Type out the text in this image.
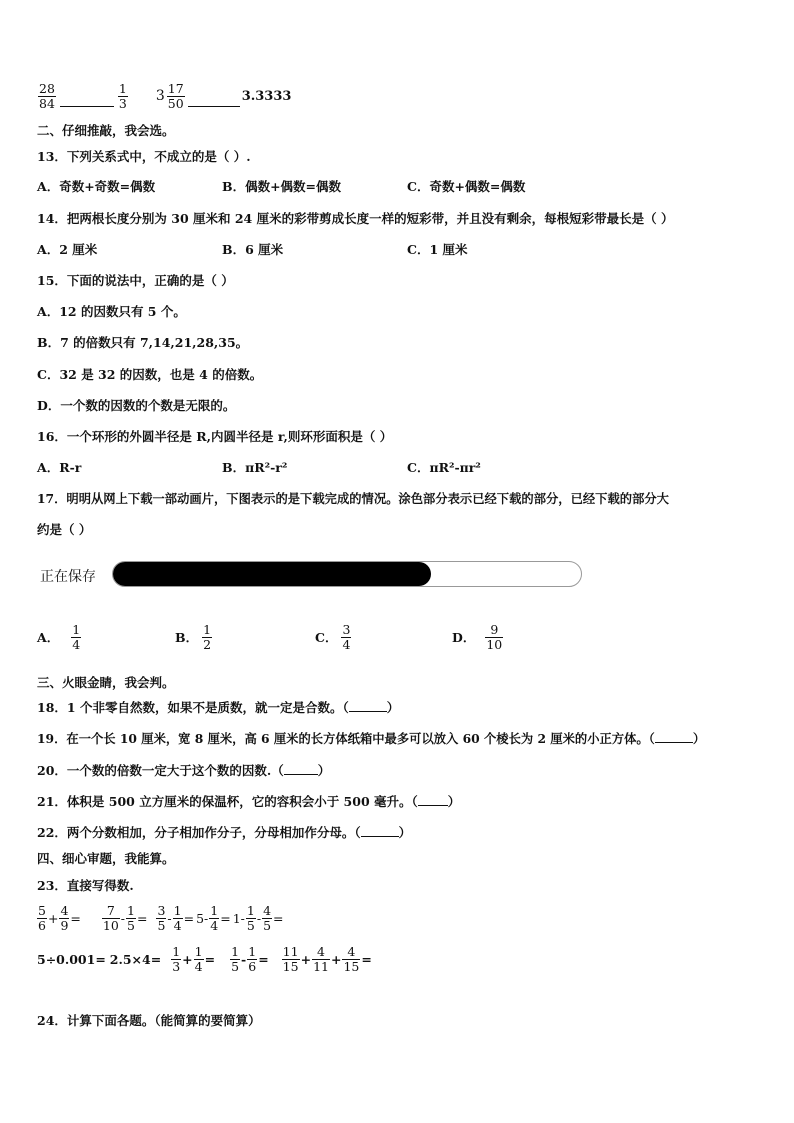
$\frac{28}{84}$	$\frac{1}{3} 3 \frac{17}{50}$	3.3333
二、仔细推敲，我会选。
13．下列关系式中，不成立的是（ ）.
A．奇数+奇数=偶数	B．偶数+偶数=偶数	C．奇数+偶数=偶数
14．把两根长度分别为 30 厘米和 24 厘米的彩带剪成长度一样的短彩带，并且没有剩余，每根短彩带最长是（ ）
A．2 厘米	B．6 厘米	C．1 厘米
15．下面的说法中，正确的是（ ）
A．12 的因数只有 5 个。
B．7 的倍数只有 7,14,21,28,35。
C．32 是 32 的因数，也是 4 的倍数。
D．一个数的因数的个数是无限的。
16．一个环形的外圆半径是 R,内圆半径是 r,则环形面积是（ ）
A．R-r	B．πR²-r²	C．πR²-πr²
17．明明从网上下载一部动画片，下图表示的是下载完成的情况。涂色部分表示已经下载的部分，已经下载的部分大
约是（ ）
正在保存
A． $\frac{1}{4}$	B． $\frac{1}{2}$	C． $\frac{3}{4}$	D． $\frac{9}{10}$
三、火眼金睛，我会判。
18．1 个非零自然数，如果不是质数，就一定是合数。（	）
19．在一个长 10 厘米，宽 8 厘米，高 6 厘米的长方体纸箱中最多可以放入 60 个棱长为 2 厘米的小正方体。（	）
20．一个数的倍数一定大于这个数的因数.（	）
21．体积是 500 立方厘米的保温杯，它的容积会小于 500 毫升。（ ）
22．两个分数相加，分子相加作分子，分母相加作分母。（	）
四、细心审题，我能算。
23．直接写得数.
$\frac{5}{6} + \frac{4}{9} = \frac{7}{10} - \frac{1}{5} = \frac{3}{5} - \frac{1}{4} = 5- \frac{1}{4} = 1- \frac{1}{5} - \frac{4}{5}$ =
$5\div 0.001= 2.5\times 4= \frac{1}{3} + \frac{1}{4} = \frac{1}{5} - \frac{1}{6} = \frac{11}{15} + \frac{4}{11} + \frac{4}{15}$ =
24．计算下面各题。（能简算的要简算）
